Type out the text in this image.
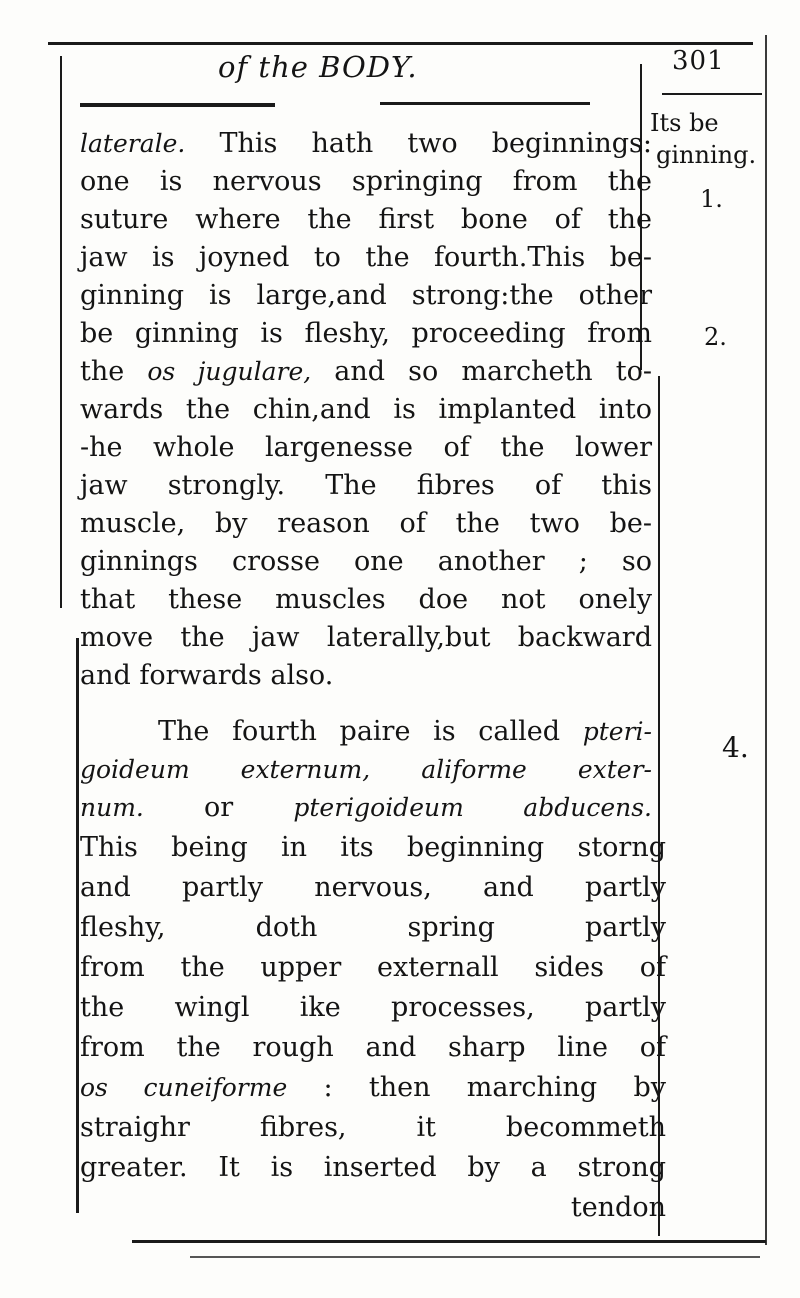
of the BODY.	301
Its be
ginning.
1.
2.
4.
laterale. This hath two beginnings:
one is nervous springing from the
suture where the first bone of the
jaw is joyned to the fourth.This be-
ginning is large,and strong:the other
be ginning is fleshy, proceeding from
the os jugulare, and so marcheth to-
wards the chin,and is implanted into
-he whole largenesse of the lower
jaw strongly. The fibres of this
muscle, by reason of the two be-
ginnings crosse one another ; so
that these muscles doe not onely
move the jaw laterally,but backward
and forwards also.
The fourth paire is called pteri-
goideum externum, aliforme exter-
num. or pterigoideum abducens.
This being in its beginning storng
and partly nervous, and partly
fleshy, doth spring partly
from the upper externall sides of
the wingl ike processes, partly
from the rough and sharp line of
os cuneiforme : then marching by
straighr fibres, it becommeth
greater. It is inserted by a strong
tendon
